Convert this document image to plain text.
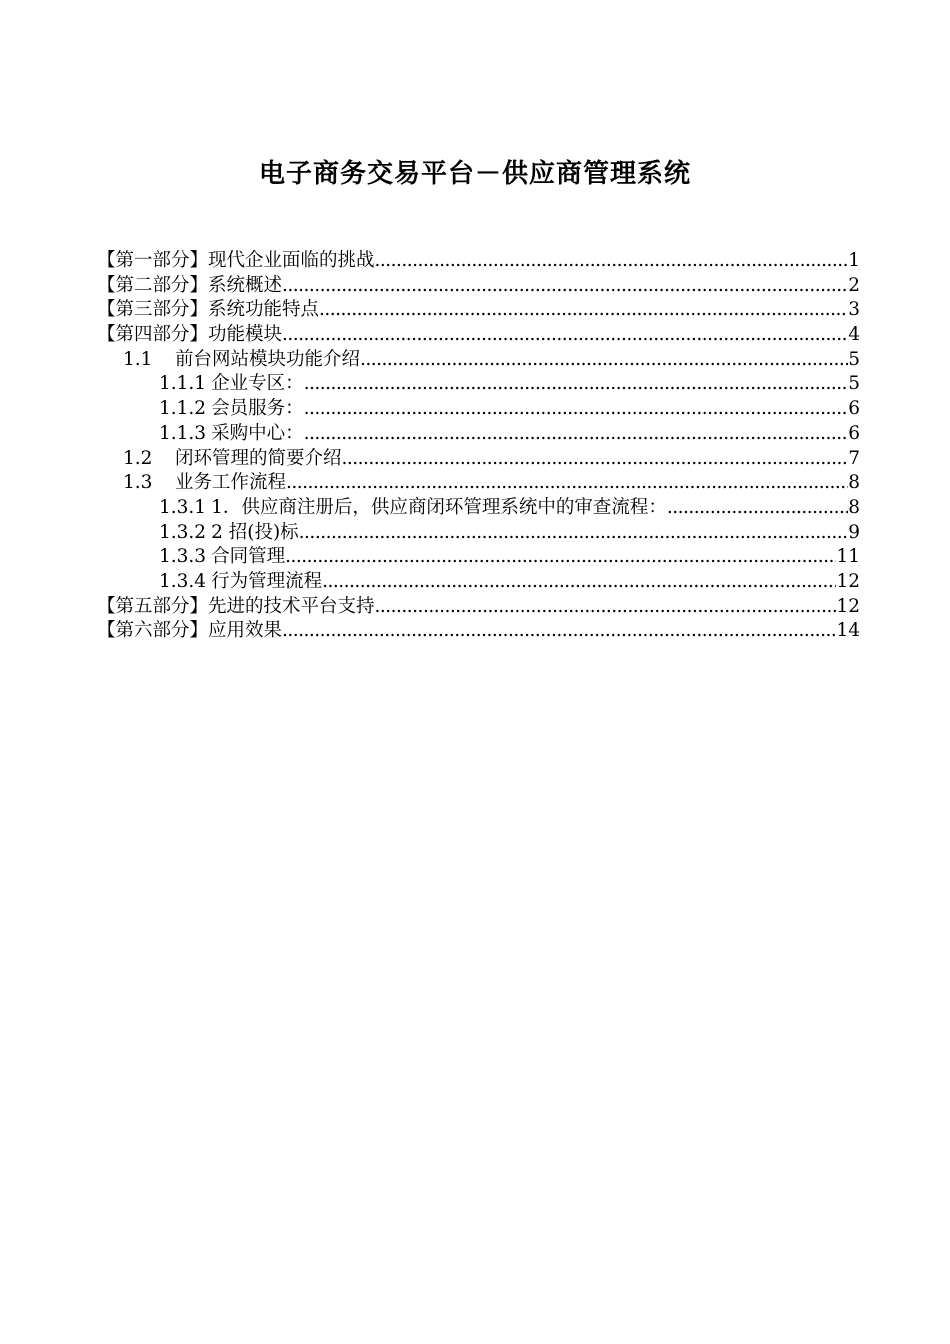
电子商务交易平台－供应商管理系统
【第一部分】现代企业面临的挑战 .....	1
【第二部分】系统概述 .....	2
【第三部分】系统功能特点 .....	3
【第四部分】功能模块 .....	4
1.1	前台网站模块功能介绍 .....	5
1.1.1 企业专区： .....	5
1.1.2 会员服务： .....	6
1.1.3 采购中心： .....	6
1.2	闭环管理的简要介绍 .....	7
1.3	业务工作流程 .....	8
1.3.1 1．供应商注册后，供应商闭环管理系统中的审查流程： .....	8
1.3.2 2 招(投)标 .....	9
1.3.3 合同管理 .....	11
1.3.4 行为管理流程 .....	12
【第五部分】先进的技术平台支持 .....	12
【第六部分】应用效果 .....	14
